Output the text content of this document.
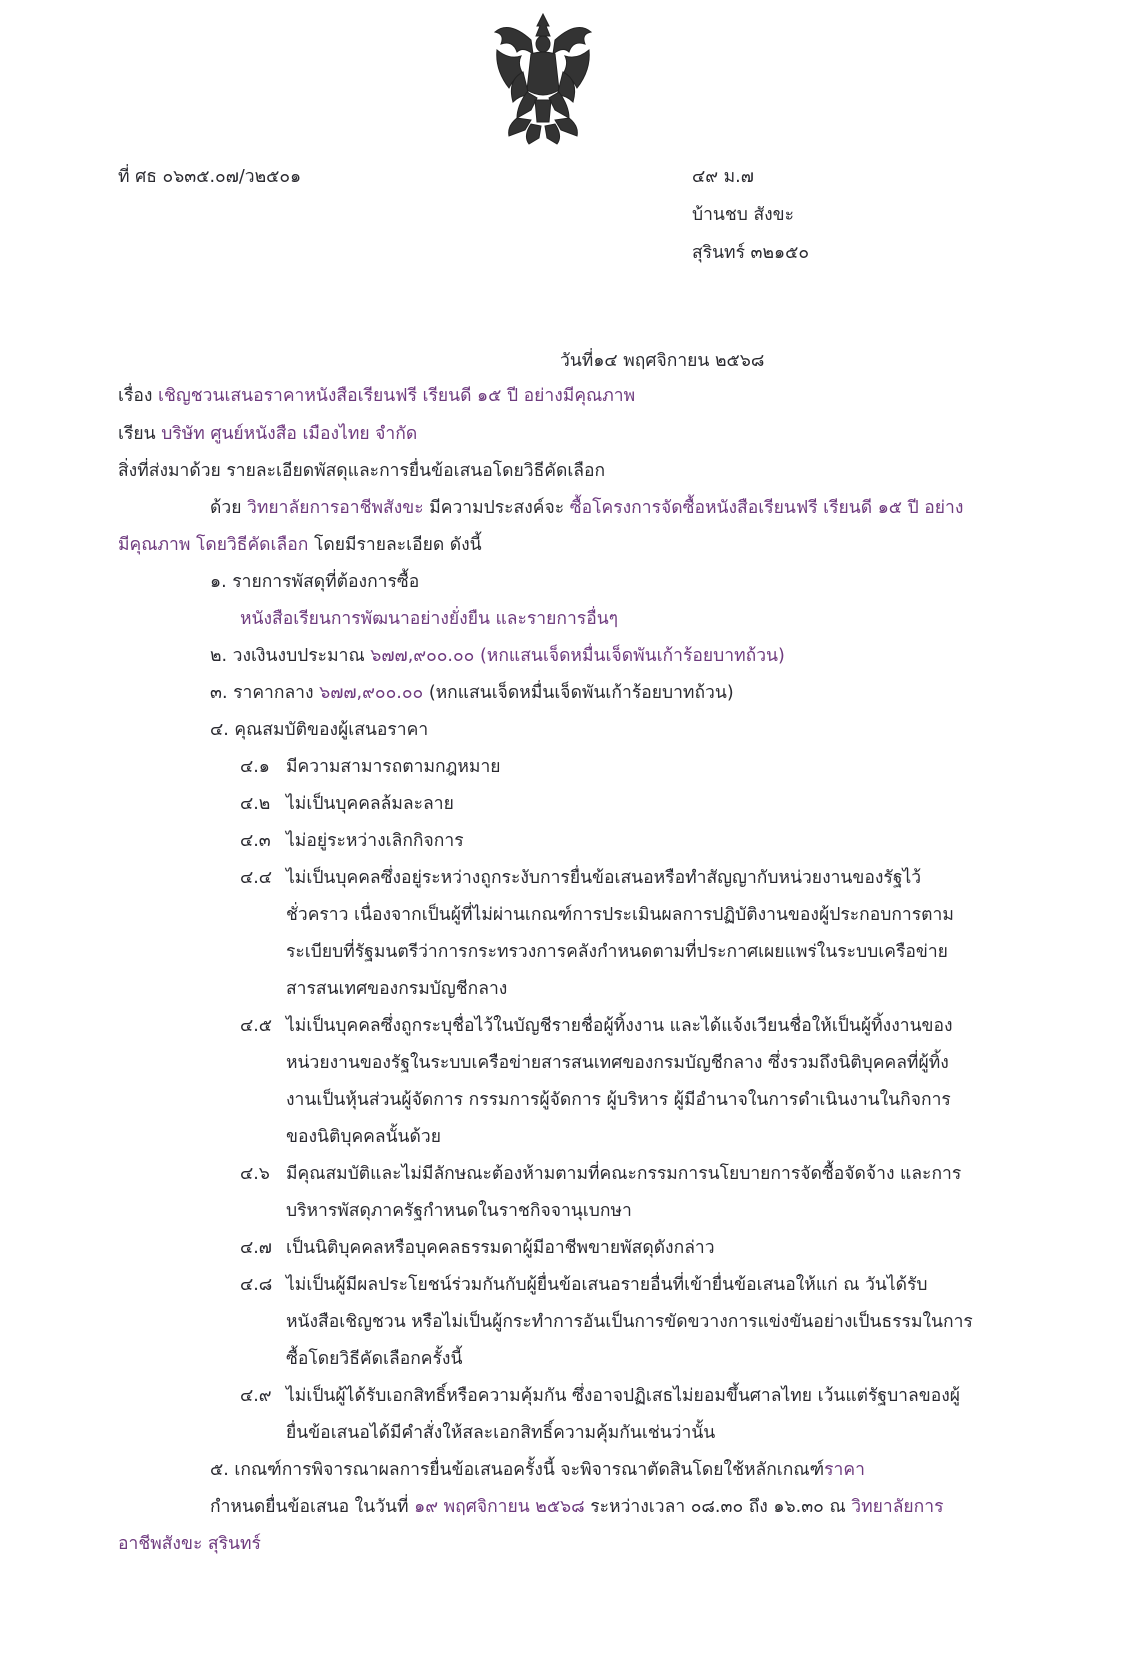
ที่ ศธ ๐๖๓๕.๐๗/ว๒๕๐๑	๔๙ ม.๗
บ้านชบ สังขะ
สุรินทร์ ๓๒๑๕๐
วันที่๑๔ พฤศจิกายน ๒๕๖๘
เรื่อง เชิญชวนเสนอราคาหนังสือเรียนฟรี เรียนดี ๑๕ ปี อย่างมีคุณภาพ
เรียน บริษัท ศูนย์หนังสือ เมืองไทย จำกัด
สิ่งที่ส่งมาด้วย รายละเอียดพัสดุและการยื่นข้อเสนอโดยวิธีคัดเลือก
ด้วย วิทยาลัยการอาชีพสังขะ มีความประสงค์จะ ซื้อโครงการจัดซื้อหนังสือเรียนฟรี เรียนดี ๑๕ ปี อย่าง
มีคุณภาพ โดยวิธีคัดเลือก โดยมีรายละเอียด ดังนี้
๑. รายการพัสดุที่ต้องการซื้อ
หนังสือเรียนการพัฒนาอย่างยั่งยืน และรายการอื่นๆ
๒. วงเงินงบประมาณ ๖๗๗,๙๐๐.๐๐ (หกแสนเจ็ดหมื่นเจ็ดพันเก้าร้อยบาทถ้วน)
๓. ราคากลาง ๖๗๗,๙๐๐.๐๐ (หกแสนเจ็ดหมื่นเจ็ดพันเก้าร้อยบาทถ้วน)
๔. คุณสมบัติของผู้เสนอราคา
๔.๑ มีความสามารถตามกฎหมาย
๔.๒ ไม่เป็นบุคคลล้มละลาย
๔.๓ ไม่อยู่ระหว่างเลิกกิจการ
๔.๔ ไม่เป็นบุคคลซึ่งอยู่ระหว่างถูกระงับการยื่นข้อเสนอหรือทำสัญญากับหน่วยงานของรัฐไว้
ชั่วคราว เนื่องจากเป็นผู้ที่ไม่ผ่านเกณฑ์การประเมินผลการปฏิบัติงานของผู้ประกอบการตาม
ระเบียบที่รัฐมนตรีว่าการกระทรวงการคลังกำหนดตามที่ประกาศเผยแพร่ในระบบเครือข่าย
สารสนเทศของกรมบัญชีกลาง
๔.๕ ไม่เป็นบุคคลซึ่งถูกระบุชื่อไว้ในบัญชีรายชื่อผู้ทิ้งงาน และได้แจ้งเวียนชื่อให้เป็นผู้ทิ้งงานของ
หน่วยงานของรัฐในระบบเครือข่ายสารสนเทศของกรมบัญชีกลาง ซึ่งรวมถึงนิติบุคคลที่ผู้ทิ้ง
งานเป็นหุ้นส่วนผู้จัดการ กรรมการผู้จัดการ ผู้บริหาร ผู้มีอำนาจในการดำเนินงานในกิจการ
ของนิติบุคคลนั้นด้วย
๔.๖ มีคุณสมบัติและไม่มีลักษณะต้องห้ามตามที่คณะกรรมการนโยบายการจัดซื้อจัดจ้าง และการ
บริหารพัสดุภาครัฐกำหนดในราชกิจจานุเบกษา
๔.๗ เป็นนิติบุคคลหรือบุคคลธรรมดาผู้มีอาชีพขายพัสดุดังกล่าว
๔.๘ ไม่เป็นผู้มีผลประโยชน์ร่วมกันกับผู้ยื่นข้อเสนอรายอื่นที่เข้ายื่นข้อเสนอให้แก่ ณ วันได้รับ
หนังสือเชิญชวน หรือไม่เป็นผู้กระทำการอันเป็นการขัดขวางการแข่งขันอย่างเป็นธรรมในการ
ซื้อโดยวิธีคัดเลือกครั้งนี้
๔.๙ ไม่เป็นผู้ได้รับเอกสิทธิ์หรือความคุ้มกัน ซึ่งอาจปฏิเสธไม่ยอมขึ้นศาลไทย เว้นแต่รัฐบาลของผู้
ยื่นข้อเสนอได้มีคำสั่งให้สละเอกสิทธิ์ความคุ้มกันเช่นว่านั้น
๕. เกณฑ์การพิจารณาผลการยื่นข้อเสนอครั้งนี้ จะพิจารณาตัดสินโดยใช้หลักเกณฑ์ราคา
กำหนดยื่นข้อเสนอ ในวันที่ ๑๙ พฤศจิกายน ๒๕๖๘ ระหว่างเวลา ๐๘.๓๐ ถึง ๑๖.๓๐ ณ วิทยาลัยการ
อาชีพสังขะ สุรินทร์
